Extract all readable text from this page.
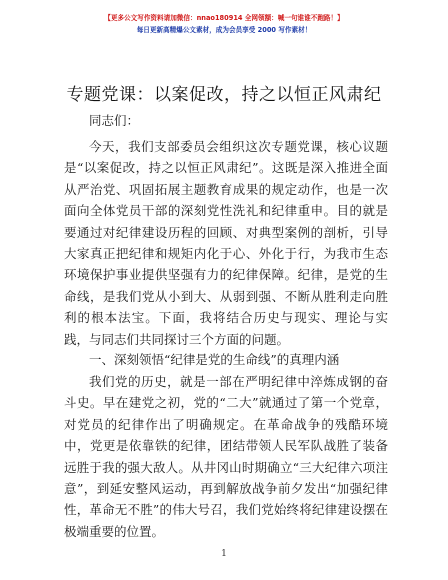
【更多公文写作资料请加微信：nnao180914 全网领额：喊一句谁谁不跑路！】
每日更新高精爆公文素材，成为会员享受 2000 写作素材！
专题党课：以案促改，持之以恒正风肃纪
同志们：
今天，我们支部委员会组织这次专题党课，核心议题是“以案促改，持之以恒正风肃纪”。这既是深入推进全面从严治党、巩固拓展主题教育成果的规定动作，也是一次面向全体党员干部的深刻党性洗礼和纪律重申。目的就是要通过对纪律建设历程的回顾、对典型案例的剖析，引导大家真正把纪律和规矩内化于心、外化于行，为我市生态环境保护事业提供坚强有力的纪律保障。纪律，是党的生命线，是我们党从小到大、从弱到强、不断从胜利走向胜利的根本法宝。下面，我将结合历史与现实、理论与实践，与同志们共同探讨三个方面的问题。
一、深刻领悟“纪律是党的生命线”的真理内涵
我们党的历史，就是一部在严明纪律中淬炼成钢的奋斗史。早在建党之初，党的“二大”就通过了第一个党章，对党员的纪律作出了明确规定。在革命战争的残酷环境中，党更是依靠铁的纪律，团结带领人民军队战胜了装备远胜于我的强大敌人。从井冈山时期确立“三大纪律六项注意”，到延安整风运动，再到解放战争前夕发出“加强纪律性，革命无不胜”的伟大号召，我们党始终将纪律建设摆在极端重要的位置。
1
